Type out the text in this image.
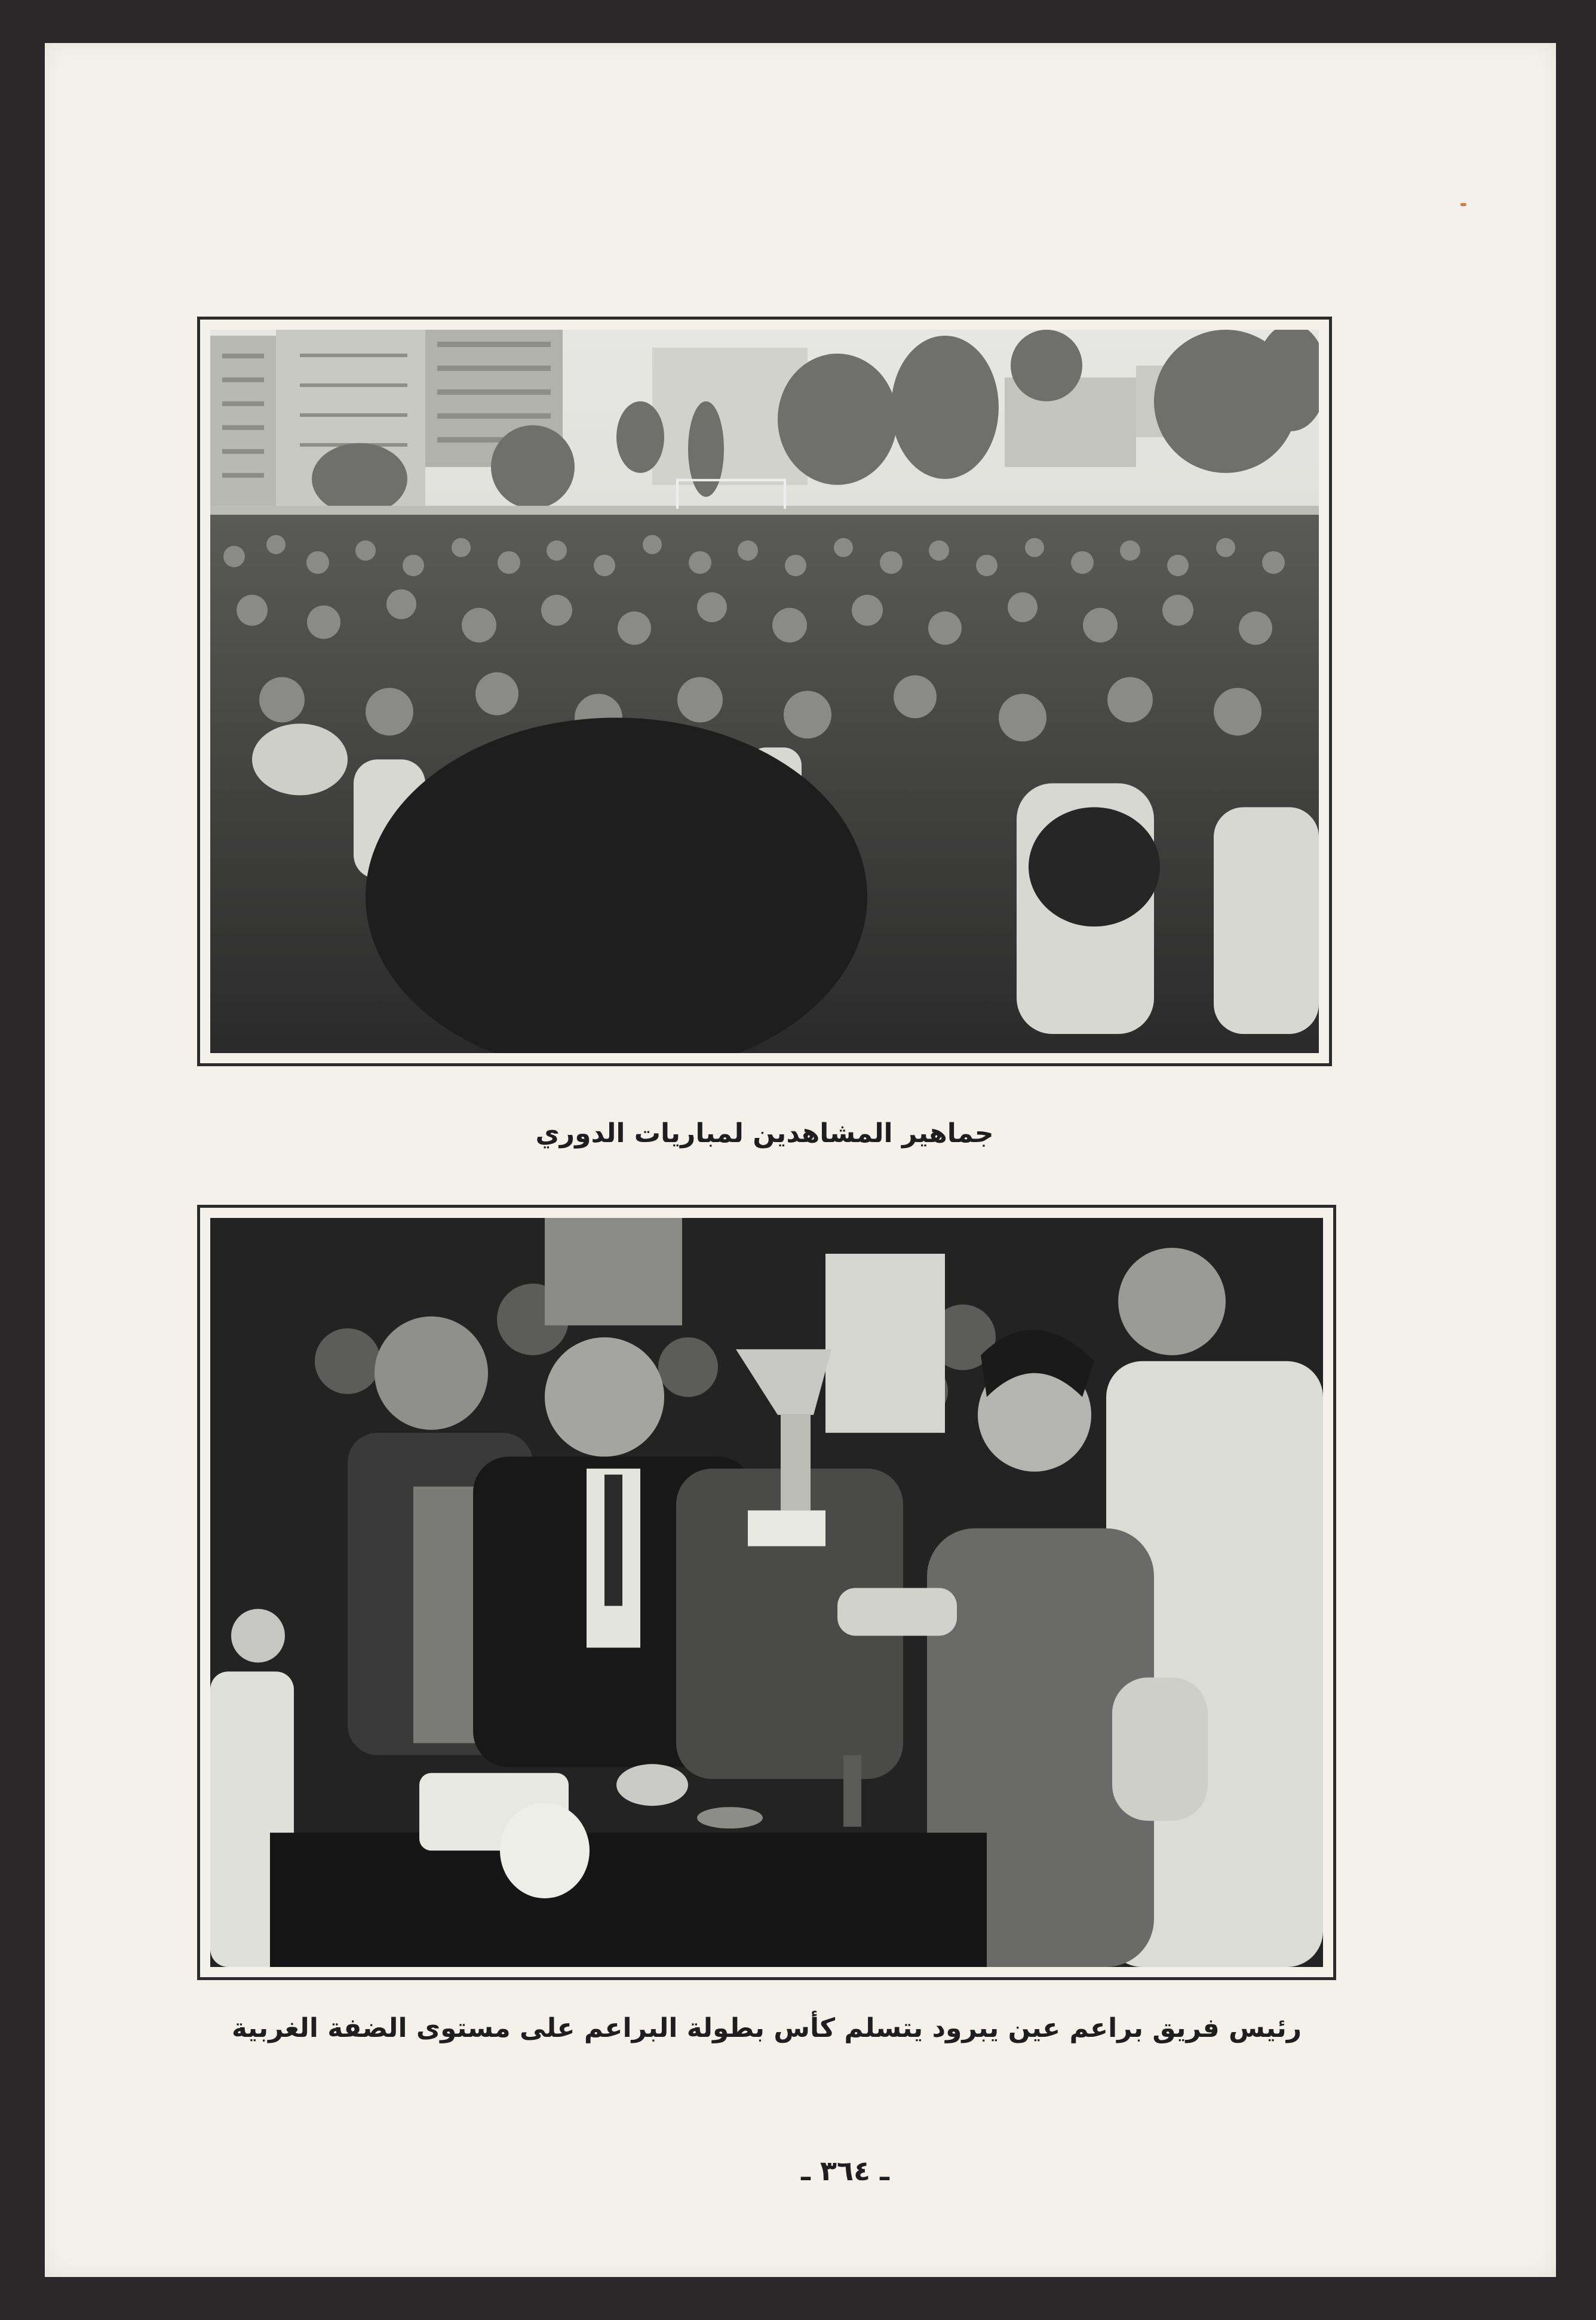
جماهير المشاهدين لمباريات الدوري
رئيس فريق براعم عين يبرود يتسلم كأس بطولة البراعم على مستوى الضفة الغربية
ـ ٣٦٤ ـ
